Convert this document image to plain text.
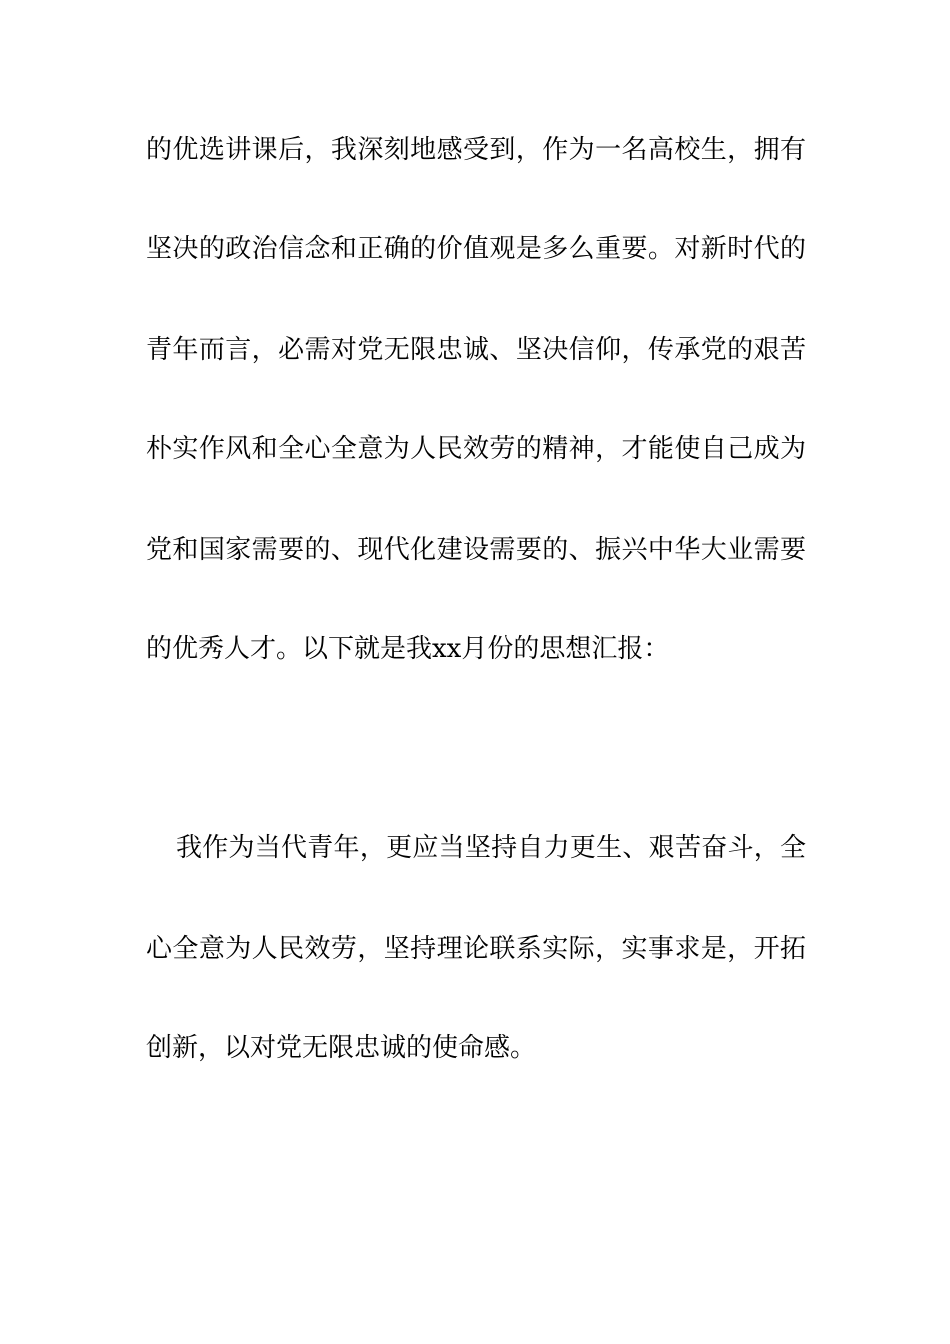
的优选讲课后，我深刻地感受到，作为一名高校生，拥有
坚决的政治信念和正确的价值观是多么重要。对新时代的
青年而言，必需对党无限忠诚、坚决信仰，传承党的艰苦
朴实作风和全心全意为人民效劳的精神，才能使自己成为
党和国家需要的、现代化建设需要的、振兴中华大业需要
的优秀人才。以下就是我xx月份的思想汇报：
我作为当代青年，更应当坚持自力更生、艰苦奋斗，全
心全意为人民效劳，坚持理论联系实际，实事求是，开拓
创新，以对党无限忠诚的使命感。
